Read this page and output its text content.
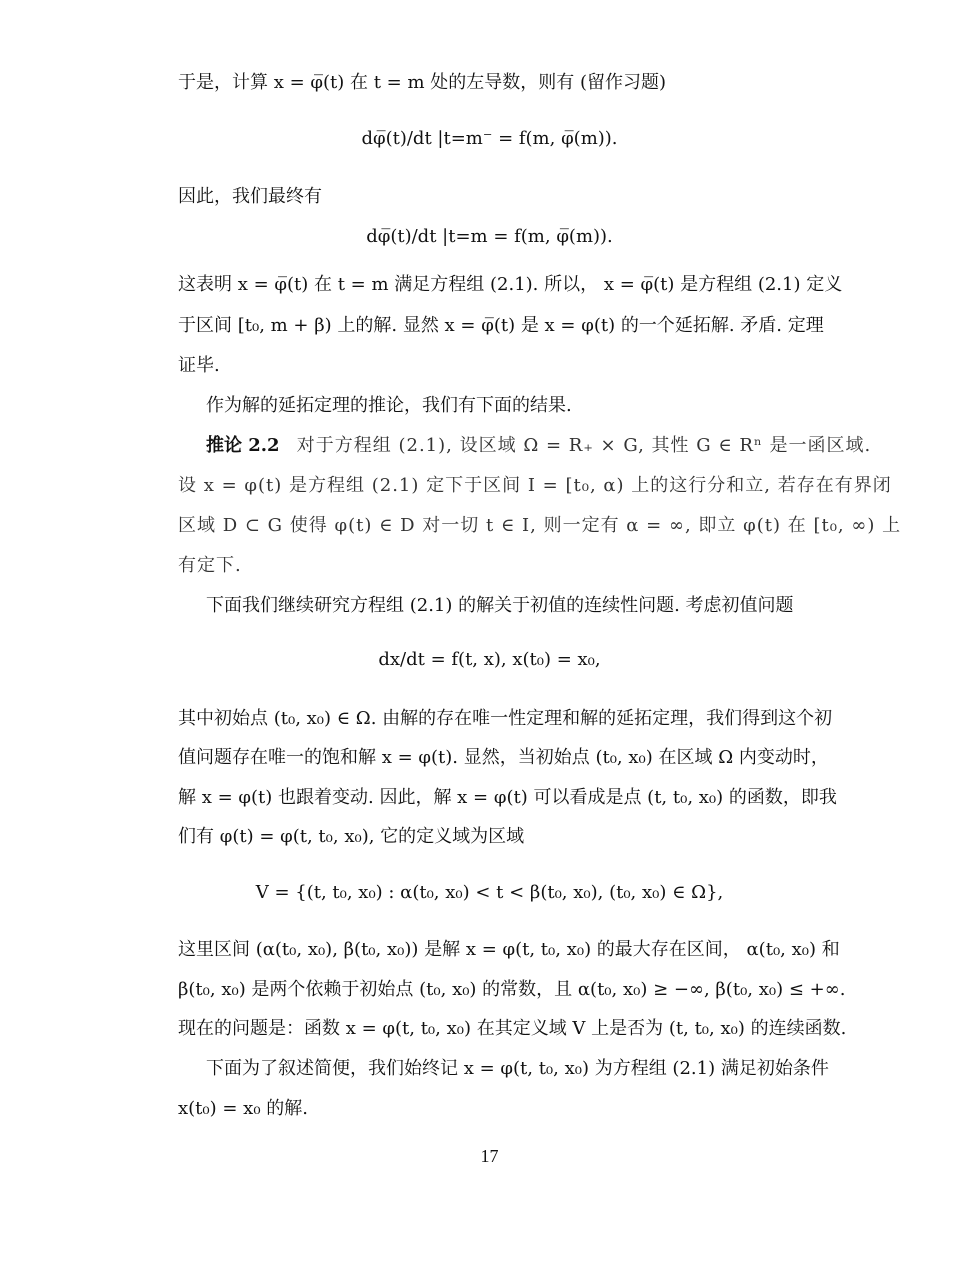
于是，计算 x = φ̅(t) 在 t = m 处的左导数，则有 (留作习题)
dφ̅(t)/dt |t=m⁻ = f(m, φ̅(m)).
因此，我们最终有
dφ̅(t)/dt |t=m = f(m, φ̅(m)).
这表明 x = φ̅(t) 在 t = m 满足方程组 (2.1). 所以， x = φ̅(t) 是方程组 (2.1) 定义
于区间 [t₀, m + β) 上的解. 显然 x = φ̅(t) 是 x = φ(t) 的一个延拓解. 矛盾. 定理
证毕.
作为解的延拓定理的推论，我们有下面的结果.
推论 2.2 对于方程组 (2.1), 设区域 Ω = R₊ × G, 其性 G ∈ Rⁿ 是一函区域.
设 x = φ(t) 是方程组 (2.1) 定下于区间 I = [t₀, α) 上的这行分和立, 若存在有界闭
区域 D ⊂ G 使得 φ(t) ∈ D 对一切 t ∈ I, 则一定有 α = ∞, 即立 φ(t) 在 [t₀, ∞) 上
有定下.
下面我们继续研究方程组 (2.1) 的解关于初值的连续性问题. 考虑初值问题
dx/dt = f(t, x), x(t₀) = x₀,
其中初始点 (t₀, x₀) ∈ Ω. 由解的存在唯一性定理和解的延拓定理，我们得到这个初
值问题存在唯一的饱和解 x = φ(t). 显然，当初始点 (t₀, x₀) 在区域 Ω 内变动时，
解 x = φ(t) 也跟着变动. 因此，解 x = φ(t) 可以看成是点 (t, t₀, x₀) 的函数，即我
们有 φ(t) = φ(t, t₀, x₀), 它的定义域为区域
V = {(t, t₀, x₀) : α(t₀, x₀) < t < β(t₀, x₀), (t₀, x₀) ∈ Ω},
这里区间 (α(t₀, x₀), β(t₀, x₀)) 是解 x = φ(t, t₀, x₀) 的最大存在区间， α(t₀, x₀) 和
β(t₀, x₀) 是两个依赖于初始点 (t₀, x₀) 的常数，且 α(t₀, x₀) ≥ −∞, β(t₀, x₀) ≤ +∞.
现在的问题是：函数 x = φ(t, t₀, x₀) 在其定义域 V 上是否为 (t, t₀, x₀) 的连续函数.
下面为了叙述简便，我们始终记 x = φ(t, t₀, x₀) 为方程组 (2.1) 满足初始条件
x(t₀) = x₀ 的解.
17
